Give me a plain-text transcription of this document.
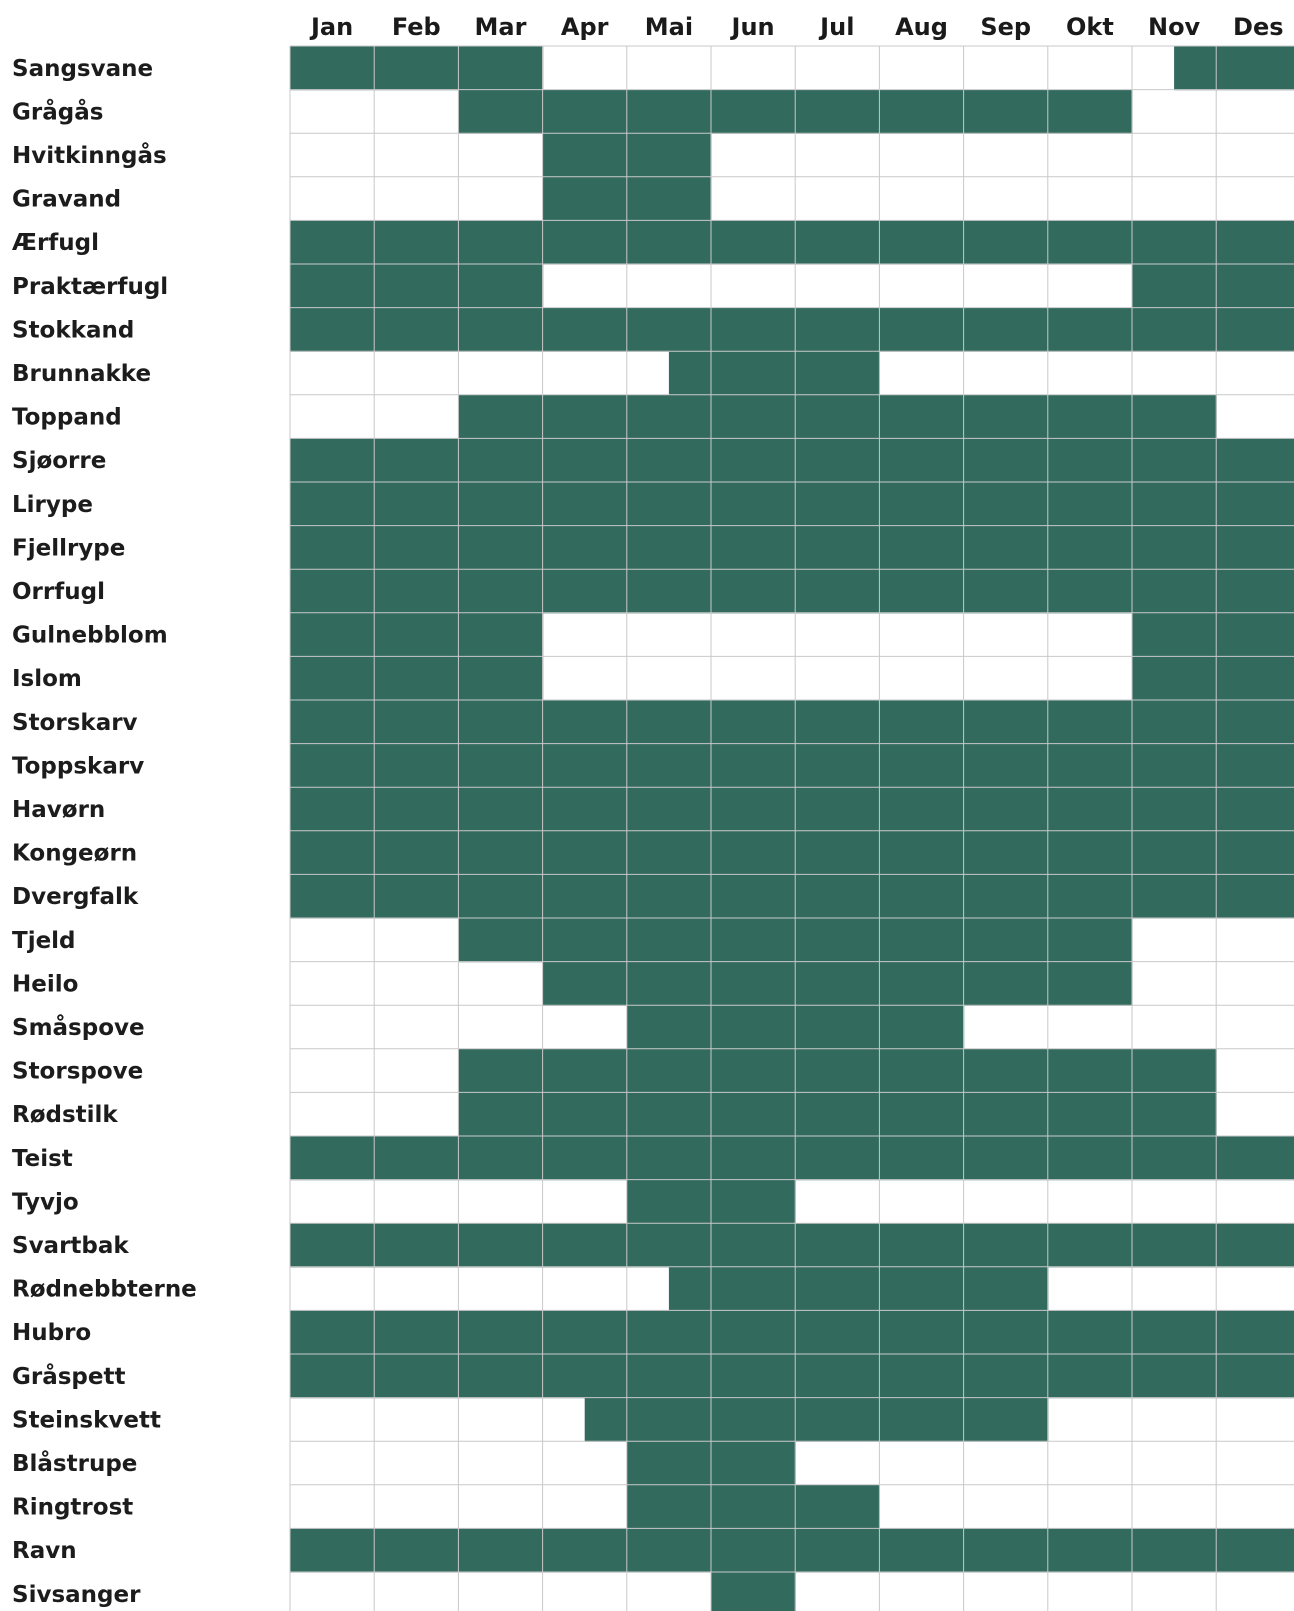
Jan Feb Mar Apr Mai Jun Jul Aug Sep Okt Nov Des
Sangsvane
Grågås
Hvitkinngås
Gravand
Ærfugl
Praktærfugl
Stokkand
Brunnakke
Toppand
Sjøorre
Lirype
Fjellrype
Orrfugl
Gulnebblom
Islom
Storskarv
Toppskarv
Havørn
Kongeørn
Dvergfalk
Tjeld
Heilo
Småspove
Storspove
Rødstilk
Teist
Tyvjo
Svartbak
Rødnebbterne
Hubro
Gråspett
Steinskvett
Blåstrupe
Ringtrost
Ravn
Sivsanger
